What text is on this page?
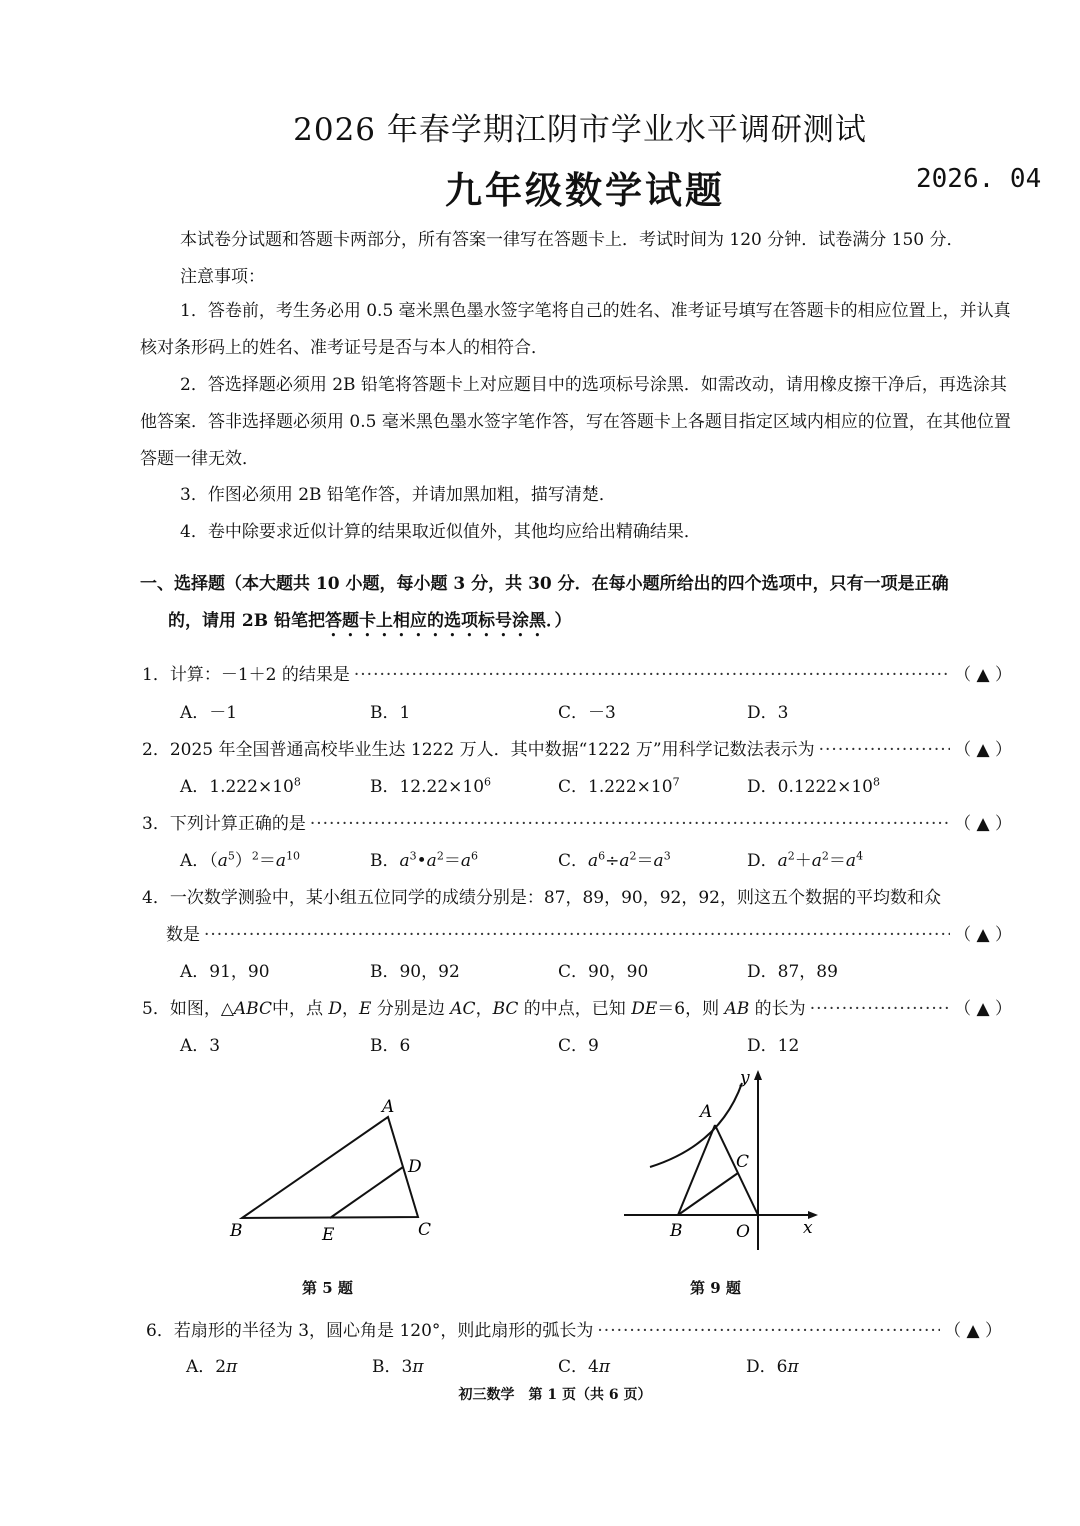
2026 年春学期江阴市学业水平调研测试
九年级数学试题	2026. 04
本试卷分试题和答题卡两部分，所有答案一律写在答题卡上．考试时间为 120 分钟．试卷满分 150 分．
注意事项：
1．答卷前，考生务必用 0.5 毫米黑色墨水签字笔将自己的姓名、准考证号填写在答题卡的相应位置上，并认真核对条形码上的姓名、准考证号是否与本人的相符合．
2．答选择题必须用 2B 铅笔将答题卡上对应题目中的选项标号涂黑．如需改动，请用橡皮擦干净后，再选涂其他答案．答非选择题必须用 0.5 毫米黑色墨水签字笔作答，写在答题卡上各题目指定区域内相应的位置，在其他位置答题一律无效．
3．作图必须用 2B 铅笔作答，并请加黑加粗，描写清楚．
4．卷中除要求近似计算的结果取近似值外，其他均应给出精确结果．
一、选择题（本大题共 10 小题，每小题 3 分，共 30 分．在每小题所给出的四个选项中，只有一项是正确
的，请用 2B 铅笔把答题卡上相应的选项标号涂黑．）
1．计算：－1＋2 的结果是 ·····	（ ▲ ）
A．－1	B．1	C．－3	D．3
2．2025 年全国普通高校毕业生达 1222 万人．其中数据“1222 万”用科学记数法表示为 ·····	（ ▲ ）
A．$1.222\times 10^8$	B．$12.22\times 10^6$	C．$1.222\times 10^7$	D．$0.1222\times 10^8$
3．下列计算正确的是 ·····	（ ▲ ）
A．$(a^5)^2=a^{10}$	B．$a^3•a^2=a^6$	C．$a^6\div a^2=a^3$	D．$a^2+a^2=a^4$
4．一次数学测验中，某小组五位同学的成绩分别是：87，89，90，92，92，则这五个数据的平均数和众
数是 ·····	（ ▲ ）
A．91，90	B．90，92	C．90，90	D．87，89
5．如图，△ABC中，点 D，E 分别是边 AC，BC 的中点，已知 DE＝6，则 AB 的长为 ·····	（ ▲ ）
A．3	B．6	C．9	D．12
A
B	C
D
E
第 5 题
A
B
C
O	x
y
第 9 题
6．若扇形的半径为 3，圆心角是 120°，则此扇形的弧长为 ·····	（ ▲ ）
A．2π	B．3π	C．4π	D．6π
初三数学　第 1 页（共 6 页）
